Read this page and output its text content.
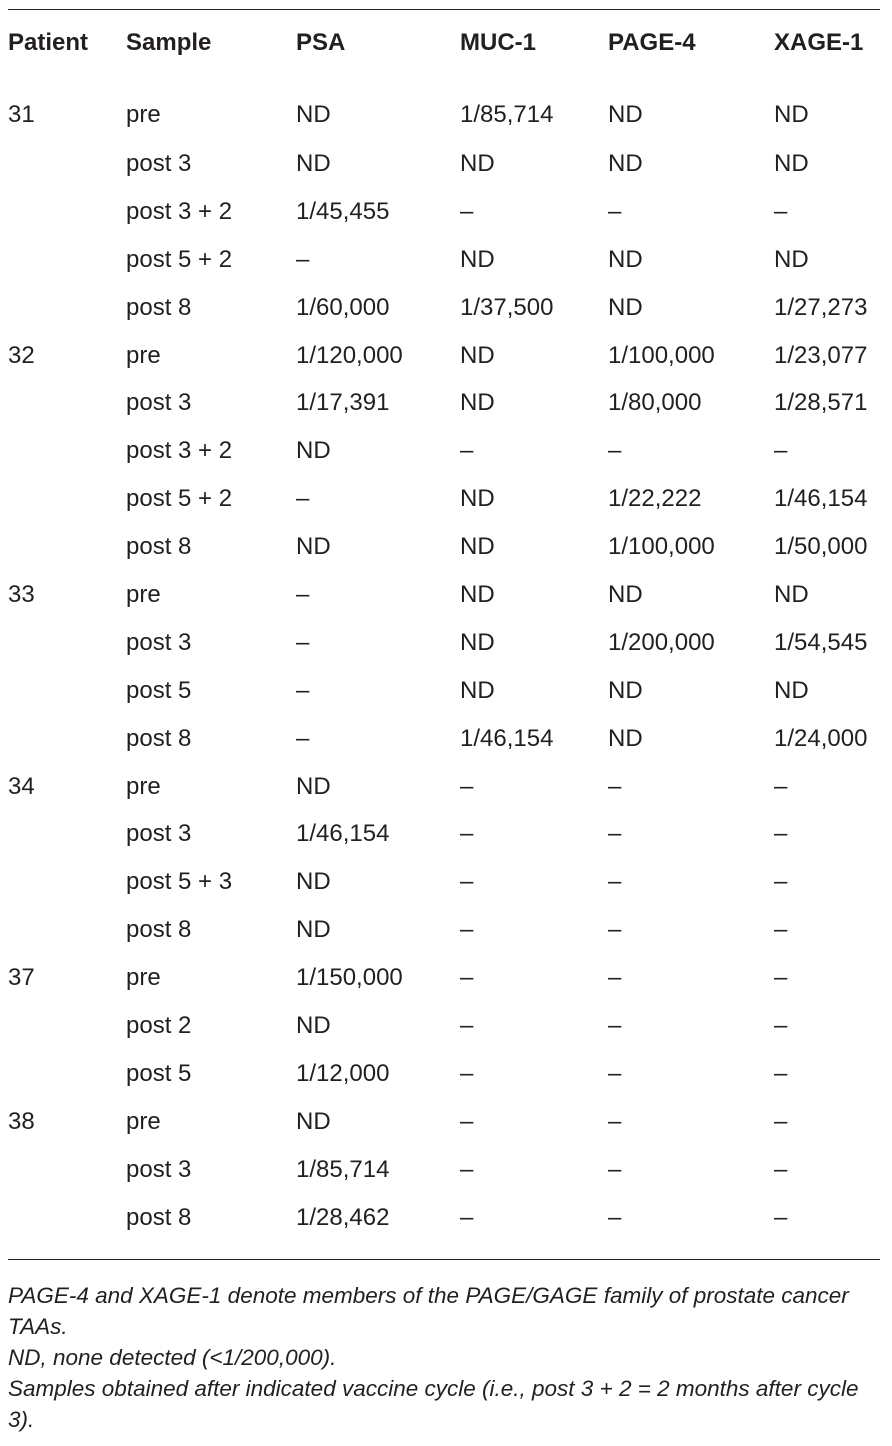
Patient	Sample	PSA	MUC-1	PAGE-4	XAGE-1
31	pre	ND	1/85,714	ND	ND
	post 3	ND	ND	ND	ND
	post 3 + 2	1/45,455	–	–	–
	post 5 + 2	–	ND	ND	ND
	post 8	1/60,000	1/37,500	ND	1/27,273
32	pre	1/120,000	ND	1/100,000	1/23,077
	post 3	1/17,391	ND	1/80,000	1/28,571
	post 3 + 2	ND	–	–	–
	post 5 + 2	–	ND	1/22,222	1/46,154
	post 8	ND	ND	1/100,000	1/50,000
33	pre	–	ND	ND	ND
	post 3	–	ND	1/200,000	1/54,545
	post 5	–	ND	ND	ND
	post 8	–	1/46,154	ND	1/24,000
34	pre	ND	–	–	–
	post 3	1/46,154	–	–	–
	post 5 + 3	ND	–	–	–
	post 8	ND	–	–	–
37	pre	1/150,000	–	–	–
	post 2	ND	–	–	–
	post 5	1/12,000	–	–	–
38	pre	ND	–	–	–
	post 3	1/85,714	–	–	–
	post 8	1/28,462	–	–	–

PAGE-4 and XAGE-1 denote members of the PAGE/GAGE family of prostate cancer TAAs.

ND, none detected (<1/200,000).

Samples obtained after indicated vaccine cycle (i.e., post 3 + 2 = 2 months after cycle 3).
